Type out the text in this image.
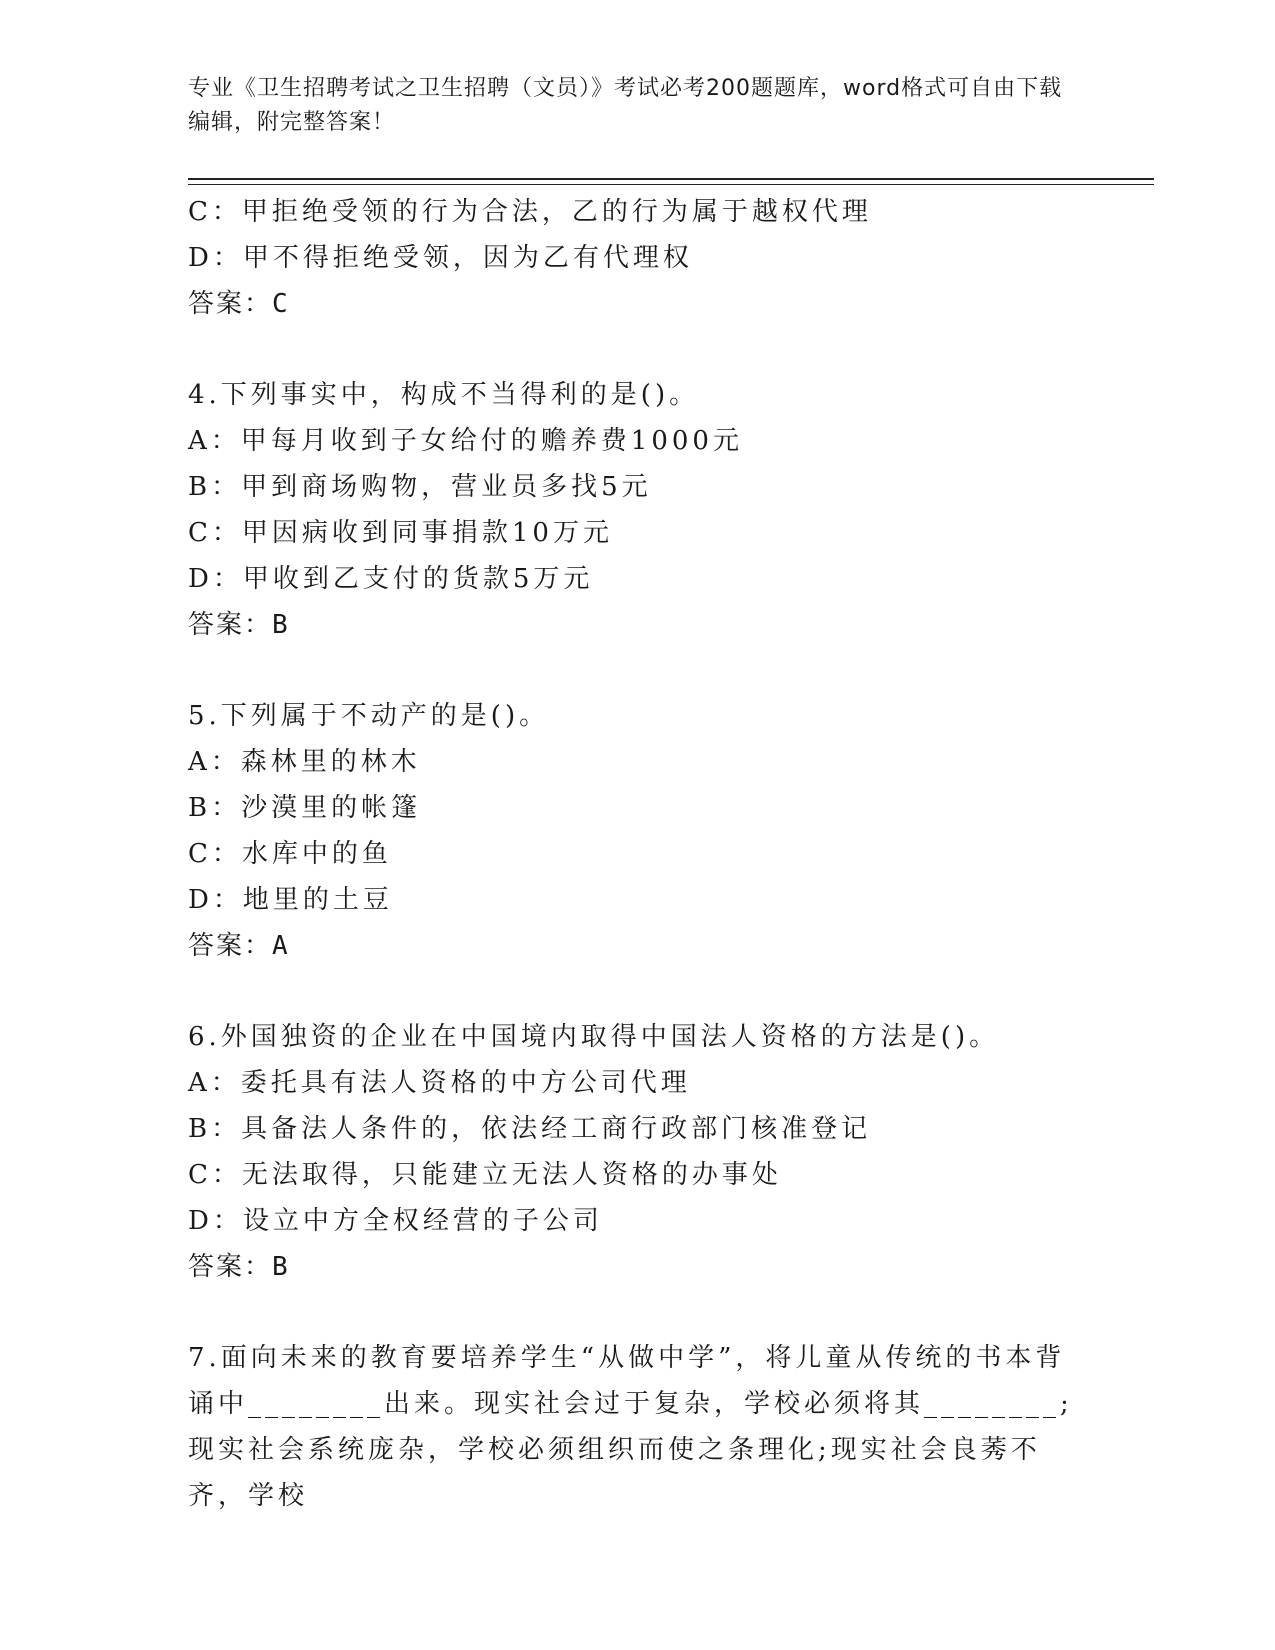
专业《卫生招聘考试之卫生招聘（文员）》考试必考200题题库，word格式可自由下载编辑，附完整答案！
C：甲拒绝受领的行为合法，乙的行为属于越权代理
D：甲不得拒绝受领，因为乙有代理权
答案：C
4.下列事实中，构成不当得利的是()。
A：甲每月收到子女给付的赡养费1000元
B：甲到商场购物，营业员多找5元
C：甲因病收到同事捐款10万元
D：甲收到乙支付的货款5万元
答案：B
5.下列属于不动产的是()。
A：森林里的林木
B：沙漠里的帐篷
C：水库中的鱼
D：地里的土豆
答案：A
6.外国独资的企业在中国境内取得中国法人资格的方法是()。
A：委托具有法人资格的中方公司代理
B：具备法人条件的，依法经工商行政部门核准登记
C：无法取得，只能建立无法人资格的办事处
D：设立中方全权经营的子公司
答案：B
7.面向未来的教育要培养学生“从做中学”，将儿童从传统的书本背诵中________出来。现实社会过于复杂，学校必须将其________;现实社会系统庞杂，学校必须组织而使之条理化;现实社会良莠不齐，学校
